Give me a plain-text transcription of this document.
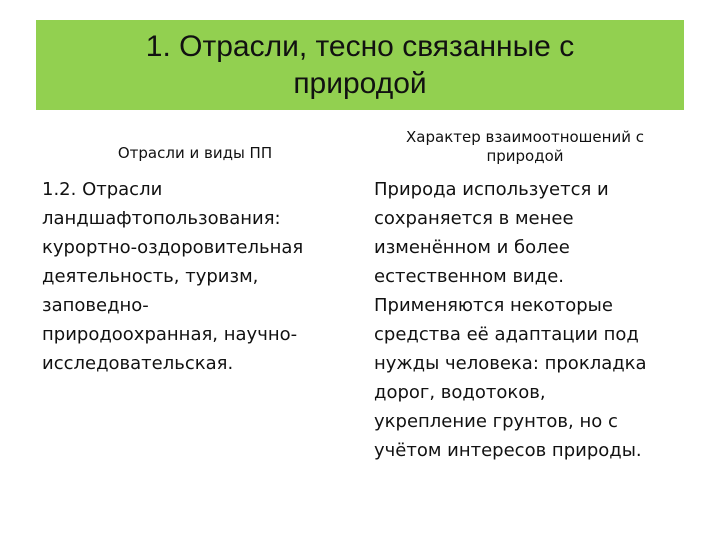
1. Отрасли, тесно связанные с
природой
Отрасли и виды ПП
Характер взаимоотношений с
природой
1.2. Отрасли
ландшафтопользования:
курортно-оздоровительная
деятельность, туризм,
заповедно-
природоохранная, научно-
исследовательская.
Природа используется и
сохраняется в менее
изменённом и более
естественном виде.
Применяются некоторые
средства её адаптации под
нужды человека: прокладка
дорог, водотоков,
укрепление грунтов, но с
учётом интересов природы.
